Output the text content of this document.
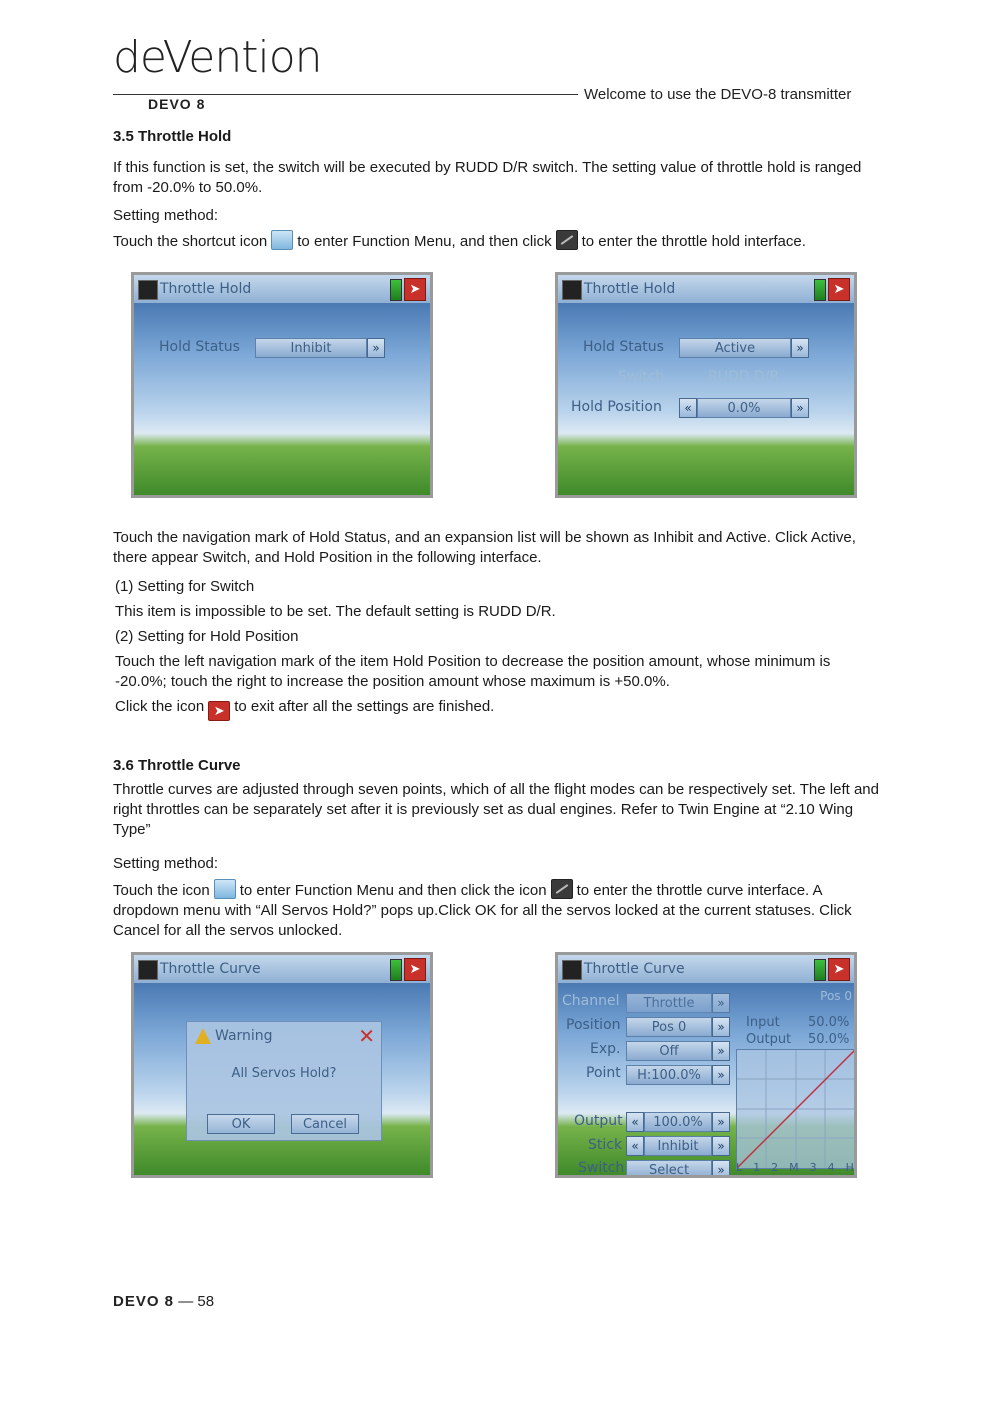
deVention
DEVO 8
Welcome to use the DEVO-8 transmitter
3.5 Throttle Hold
If this function is set, the switch will be executed by RUDD D/R switch. The setting value of throttle hold is ranged from -20.0% to 50.0%.
Setting method:
Touch the shortcut icon to enter Function Menu, and then click to enter the throttle hold interface.
Throttle Hold	➤
Hold Status	Inhibit	»
Throttle Hold	➤
Hold Status	Active	»
Switch	RUDD D/R
Hold Position	«	0.0%	»
Touch the navigation mark of Hold Status, and an expansion list will be shown as Inhibit and Active. Click Active, there appear Switch, and Hold Position in the following interface.
(1) Setting for Switch
This item is impossible to be set. The default setting is RUDD D/R.
(2) Setting for Hold Position
Touch the left navigation mark of the item Hold Position to decrease the position amount, whose minimum is -20.0%; touch the right to increase the position amount whose maximum is +50.0%.
Click the icon ➤ to exit after all the settings are finished.
3.6 Throttle Curve
Throttle curves are adjusted through seven points, which of all the flight modes can be respectively set. The left and right throttles can be separately set after it is previously set as dual engines. Refer to Twin Engine at “2.10 Wing Type”
Setting method:
Touch the icon to enter Function Menu and then click the icon to enter the throttle curve interface. A dropdown menu with “All Servos Hold?” pops up.Click OK for all the servos locked at the current statuses. Click Cancel for all the servos unlocked.
Throttle Curve	➤
Warning	✕
All Servos Hold?
OK	Cancel
Throttle Curve	➤
Pos 0
Channel	Throttle	»
Position	Pos 0	»
Exp.	Off	»
Point	H:100.0%	»
Input 50.0%
Output 50.0%
Output «	100.0%	»
Stick «	Inhibit	»
Switch	Select	»	L 1 2 M 3 4 H
DEVO 8 — 58
